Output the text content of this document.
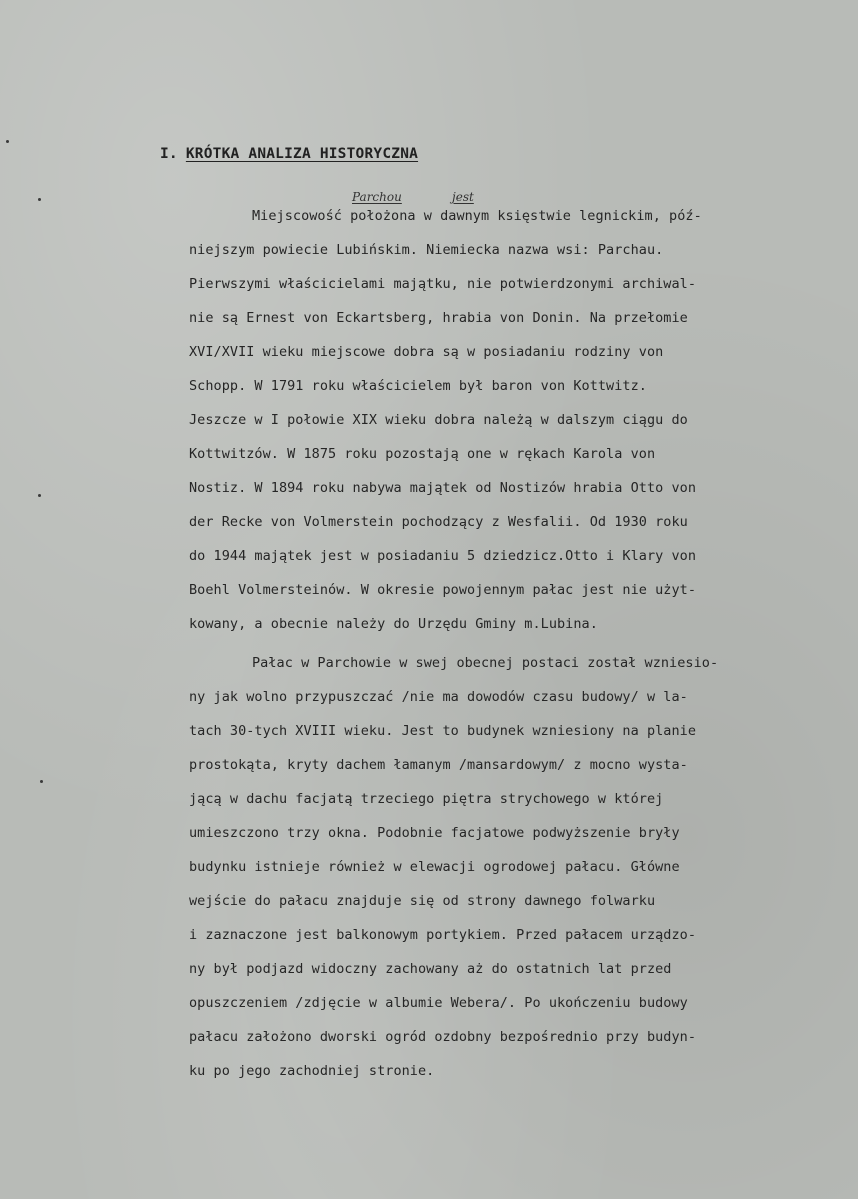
I. KRÓTKA ANALIZA HISTORYCZNA
Parchou	jest
Miejscowość położona w dawnym księstwie legnickim, póź-
niejszym powiecie Lubińskim. Niemiecka nazwa wsi: Parchau.
Pierwszymi właścicielami majątku, nie potwierdzonymi archiwal-
nie są Ernest von Eckartsberg, hrabia von Donin. Na przełomie
XVI/XVII wieku miejscowe dobra są w posiadaniu rodziny von
Schopp. W 1791 roku właścicielem był baron von Kottwitz.
Jeszcze w I połowie XIX wieku dobra należą w dalszym ciągu do
Kottwitzów. W 1875 roku pozostają one w rękach Karola von
Nostiz. W 1894 roku nabywa majątek od Nostizów hrabia Otto von
der Recke von Volmerstein pochodzący z Wesfalii. Od 1930 roku
do 1944 majątek jest w posiadaniu 5 dziedzicz.Otto i Klary von
Boehl Volmersteinów. W okresie powojennym pałac jest nie użyt-
kowany, a obecnie należy do Urzędu Gminy m.Lubina.
Pałac w Parchowie w swej obecnej postaci został wzniesio-
ny jak wolno przypuszczać /nie ma dowodów czasu budowy/ w la-
tach 30-tych XVIII wieku. Jest to budynek wzniesiony na planie
prostokąta, kryty dachem łamanym /mansardowym/ z mocno wysta-
jącą w dachu facjatą trzeciego piętra strychowego w której
umieszczono trzy okna. Podobnie facjatowe podwyższenie bryły
budynku istnieje również w elewacji ogrodowej pałacu. Główne
wejście do pałacu znajduje się od strony dawnego folwarku
i zaznaczone jest balkonowym portykiem. Przed pałacem urządzo-
ny był podjazd widoczny zachowany aż do ostatnich lat przed
opuszczeniem /zdjęcie w albumie Webera/. Po ukończeniu budowy
pałacu założono dworski ogród ozdobny bezpośrednio przy budyn-
ku po jego zachodniej stronie.
